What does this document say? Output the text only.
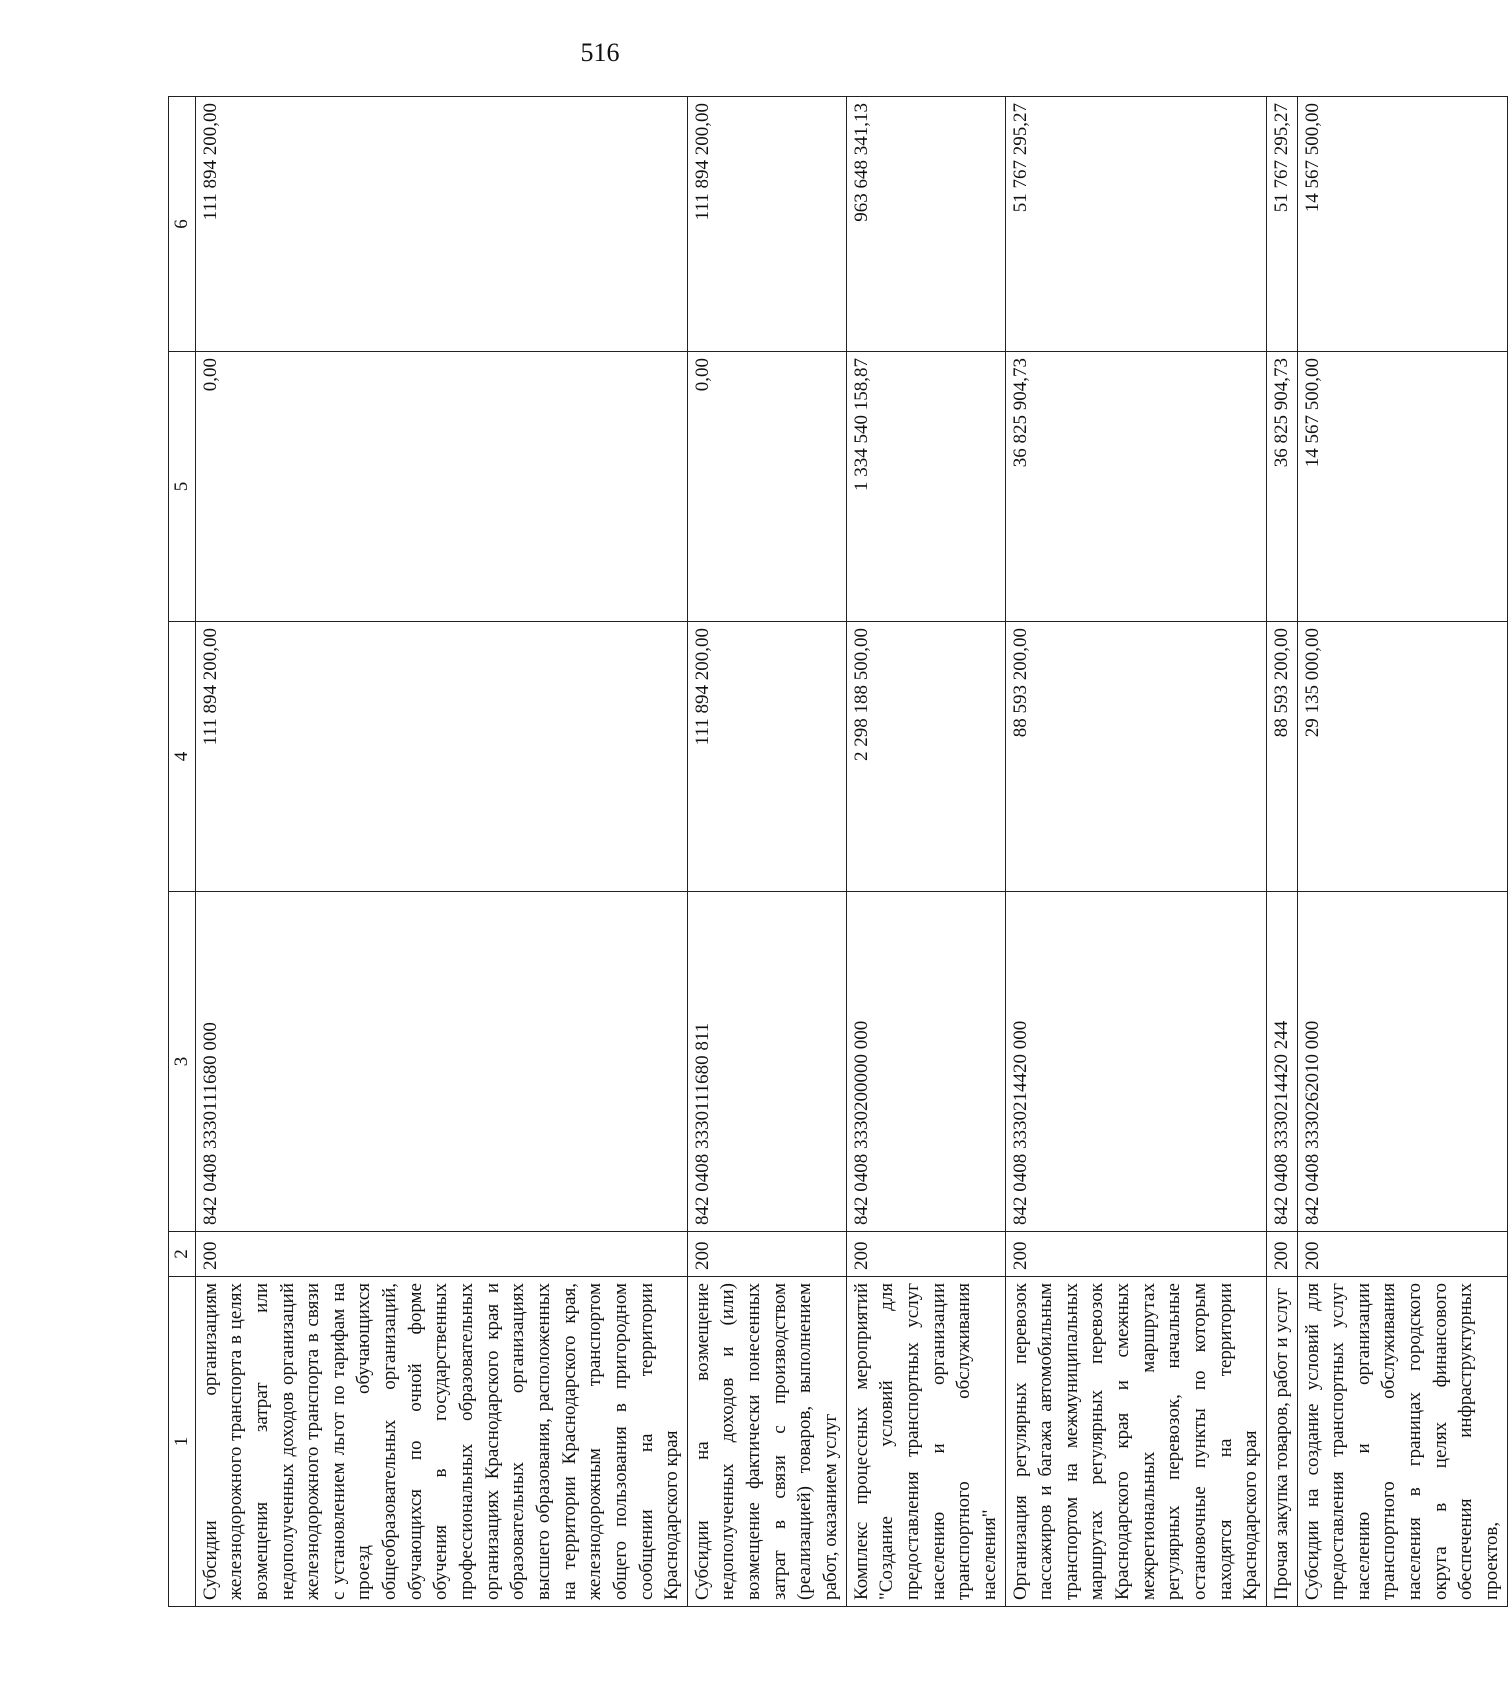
516
1	2	3	4	5	6
Субсидии организациям железнодорожного транспорта в целях возмещения затрат или недополученных доходов организаций железнодорожного транспорта в связи с установлением льгот по тарифам на проезд обучающихся общеобразовательных организаций, обучающихся по очной форме обучения в государственных профессиональных образовательных организациях Краснодарского края и образовательных организациях высшего образования, расположенных на территории Краснодарского края, железнодорожным транспортом общего пользования в пригородном сообщении на территории Краснодарского края	200	842 0408 3330111680 000	111 894 200,00	0,00	111 894 200,00
Субсидии на возмещение недополученных доходов и (или) возмещение фактически понесенных затрат в связи с производством (реализацией) товаров, выполнением работ, оказанием услуг	200	842 0408 3330111680 811	111 894 200,00	0,00	111 894 200,00
Комплекс процессных мероприятий "Создание условий для предоставления транспортных услуг населению и организации транспортного обслуживания населения"	200	842 0408 3330200000 000	2 298 188 500,00	1 334 540 158,87	963 648 341,13
Организация регулярных перевозок пассажиров и багажа автомобильным транспортом на межмуниципальных маршрутах регулярных перевозок Краснодарского края и смежных межрегиональных маршрутах регулярных перевозок, начальные остановочные пункты по которым находятся на территории Краснодарского края	200	842 0408 3330214420 000	88 593 200,00	36 825 904,73	51 767 295,27
Прочая закупка товаров, работ и услуг	200	842 0408 3330214420 244	88 593 200,00	36 825 904,73	51 767 295,27
Субсидии на создание условий для предоставления транспортных услуг населению и организации транспортного обслуживания населения в границах городского округа в целях финансового обеспечения инфраструктурных проектов,	200	842 0408 3330262010 000	29 135 000,00	14 567 500,00	14 567 500,00
